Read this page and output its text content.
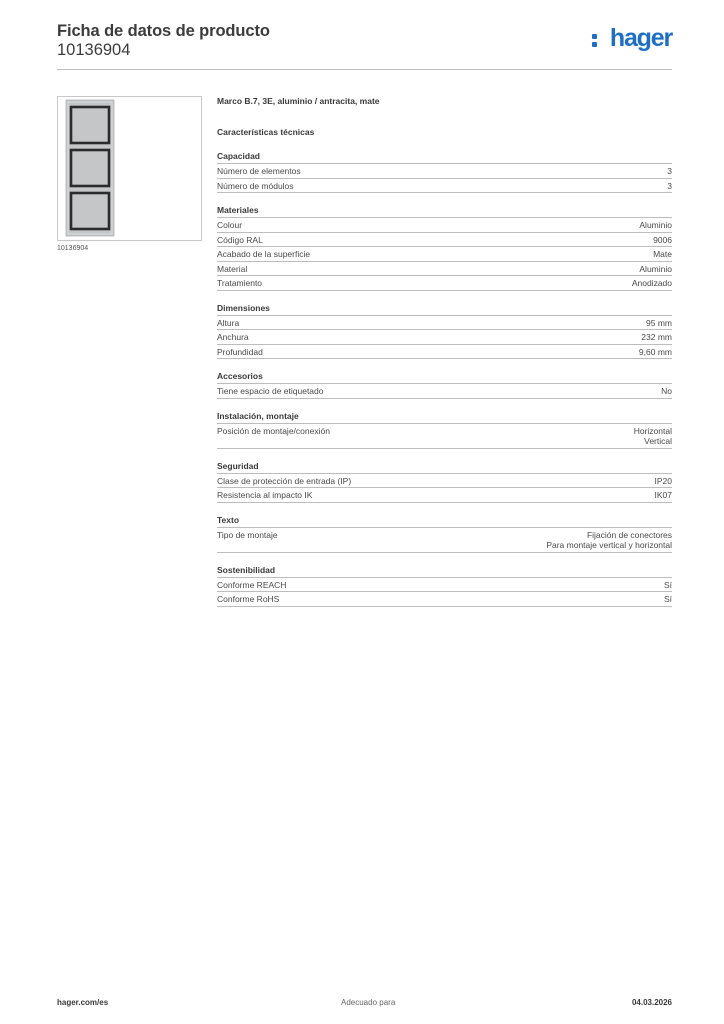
Ficha de datos de producto
10136904	hager
10136904
Marco B.7, 3E, aluminio / antracita, mate
Características técnicas
Capacidad
Número de elementos	3
Número de módulos	3
Materiales
Colour	Aluminio
Código RAL	9006
Acabado de la superficie	Mate
Material	Aluminio
Tratamiento	Anodizado
Dimensiones
Altura	95 mm
Anchura	232 mm
Profundidad	9,60 mm
Accesorios
Tiene espacio de etiquetado	No
Instalación, montaje
Posición de montaje/conexión	Horizontal
Vertical
Seguridad
Clase de protección de entrada (IP)	IP20
Resistencia al impacto IK	IK07
Texto
Tipo de montaje	Fijación de conectores
Para montaje vertical y horizontal
Sostenibilidad
Conforme REACH	Sí
Conforme RoHS	Sí
hager.com/es	Adecuado para	04.03.2026
